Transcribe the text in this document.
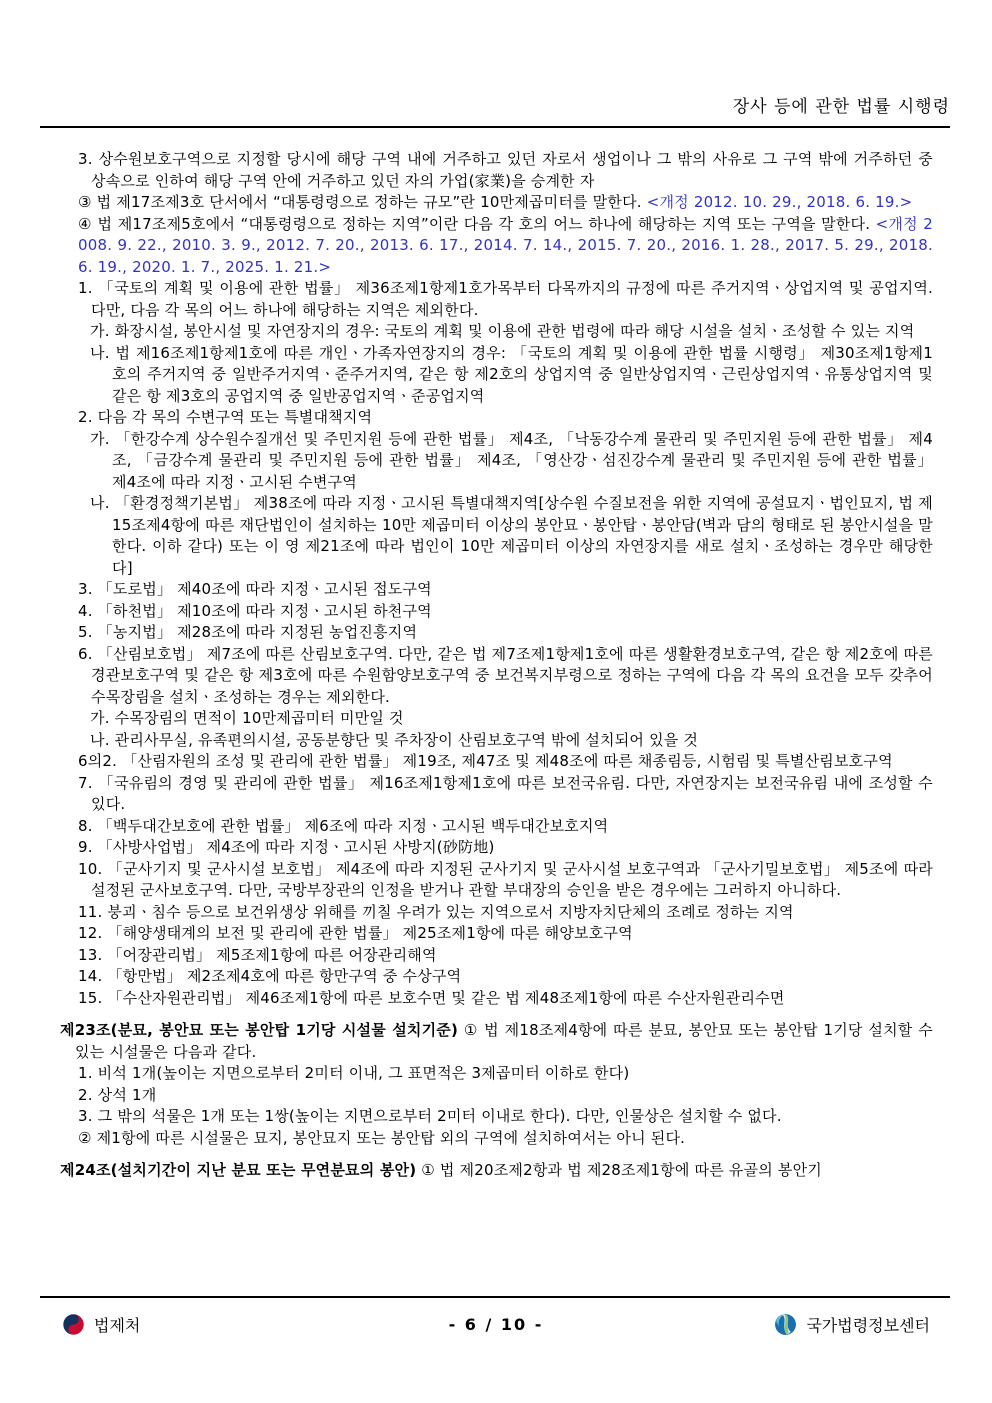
장사 등에 관한 법률 시행령

3. 상수원보호구역으로 지정할 당시에 해당 구역 내에 거주하고 있던 자로서 생업이나 그 밖의 사유로 그 구역 밖에 거주하던 중 상속으로 인하여 해당 구역 안에 거주하고 있던 자의 가업(家業)을 승계한 자

③ 법 제17조제3호 단서에서 “대통령령으로 정하는 규모”란 10만제곱미터를 말한다. <개정 2012. 10. 29., 2018. 6. 19.>

④ 법 제17조제5호에서 “대통령령으로 정하는 지역”이란 다음 각 호의 어느 하나에 해당하는 지역 또는 구역을 말한다. <개정 2008. 9. 22., 2010. 3. 9., 2012. 7. 20., 2013. 6. 17., 2014. 7. 14., 2015. 7. 20., 2016. 1. 28., 2017. 5. 29., 2018. 6. 19., 2020. 1. 7., 2025. 1. 21.>

1. 「국토의 계획 및 이용에 관한 법률」 제36조제1항제1호가목부터 다목까지의 규정에 따른 주거지역ㆍ상업지역 및 공업지역. 다만, 다음 각 목의 어느 하나에 해당하는 지역은 제외한다.

가. 화장시설, 봉안시설 및 자연장지의 경우: 국토의 계획 및 이용에 관한 법령에 따라 해당 시설을 설치ㆍ조성할 수 있는 지역

나. 법 제16조제1항제1호에 따른 개인ㆍ가족자연장지의 경우: 「국토의 계획 및 이용에 관한 법률 시행령」 제30조제1항제1호의 주거지역 중 일반주거지역ㆍ준주거지역, 같은 항 제2호의 상업지역 중 일반상업지역ㆍ근린상업지역ㆍ유통상업지역 및 같은 항 제3호의 공업지역 중 일반공업지역ㆍ준공업지역

2. 다음 각 목의 수변구역 또는 특별대책지역

가. 「한강수계 상수원수질개선 및 주민지원 등에 관한 법률」 제4조, 「낙동강수계 물관리 및 주민지원 등에 관한 법률」 제4조, 「금강수계 물관리 및 주민지원 등에 관한 법률」 제4조, 「영산강ㆍ섬진강수계 물관리 및 주민지원 등에 관한 법률」 제4조에 따라 지정ㆍ고시된 수변구역

나. 「환경정책기본법」 제38조에 따라 지정ㆍ고시된 특별대책지역[상수원 수질보전을 위한 지역에 공설묘지ㆍ법인묘지, 법 제15조제4항에 따른 재단법인이 설치하는 10만 제곱미터 이상의 봉안묘ㆍ봉안탑ㆍ봉안담(벽과 담의 형태로 된 봉안시설을 말한다. 이하 같다) 또는 이 영 제21조에 따라 법인이 10만 제곱미터 이상의 자연장지를 새로 설치ㆍ조성하는 경우만 해당한다]

3. 「도로법」 제40조에 따라 지정ㆍ고시된 접도구역

4. 「하천법」 제10조에 따라 지정ㆍ고시된 하천구역

5. 「농지법」 제28조에 따라 지정된 농업진흥지역

6. 「산림보호법」 제7조에 따른 산림보호구역. 다만, 같은 법 제7조제1항제1호에 따른 생활환경보호구역, 같은 항 제2호에 따른 경관보호구역 및 같은 항 제3호에 따른 수원함양보호구역 중 보건복지부령으로 정하는 구역에 다음 각 목의 요건을 모두 갖추어 수목장림을 설치ㆍ조성하는 경우는 제외한다.

가. 수목장림의 면적이 10만제곱미터 미만일 것

나. 관리사무실, 유족편의시설, 공동분향단 및 주차장이 산림보호구역 밖에 설치되어 있을 것

6의2. 「산림자원의 조성 및 관리에 관한 법률」 제19조, 제47조 및 제48조에 따른 채종림등, 시험림 및 특별산림보호구역

7. 「국유림의 경영 및 관리에 관한 법률」 제16조제1항제1호에 따른 보전국유림. 다만, 자연장지는 보전국유림 내에 조성할 수 있다.

8. 「백두대간보호에 관한 법률」 제6조에 따라 지정ㆍ고시된 백두대간보호지역

9. 「사방사업법」 제4조에 따라 지정ㆍ고시된 사방지(砂防地)

10. 「군사기지 및 군사시설 보호법」 제4조에 따라 지정된 군사기지 및 군사시설 보호구역과 「군사기밀보호법」 제5조에 따라 설정된 군사보호구역. 다만, 국방부장관의 인정을 받거나 관할 부대장의 승인을 받은 경우에는 그러하지 아니하다.

11. 붕괴ㆍ침수 등으로 보건위생상 위해를 끼칠 우려가 있는 지역으로서 지방자치단체의 조례로 정하는 지역

12. 「해양생태계의 보전 및 관리에 관한 법률」 제25조제1항에 따른 해양보호구역

13. 「어장관리법」 제5조제1항에 따른 어장관리해역

14. 「항만법」 제2조제4호에 따른 항만구역 중 수상구역

15. 「수산자원관리법」 제46조제1항에 따른 보호수면 및 같은 법 제48조제1항에 따른 수산자원관리수면

제23조(분묘, 봉안묘 또는 봉안탑 1기당 시설물 설치기준) ① 법 제18조제4항에 따른 분묘, 봉안묘 또는 봉안탑 1기당 설치할 수 있는 시설물은 다음과 같다.

1. 비석 1개(높이는 지면으로부터 2미터 이내, 그 표면적은 3제곱미터 이하로 한다)

2. 상석 1개

3. 그 밖의 석물은 1개 또는 1쌍(높이는 지면으로부터 2미터 이내로 한다). 다만, 인물상은 설치할 수 없다.

② 제1항에 따른 시설물은 묘지, 봉안묘지 또는 봉안탑 외의 구역에 설치하여서는 아니 된다.

제24조(설치기간이 지난 분묘 또는 무연분묘의 봉안) ① 법 제20조제2항과 법 제28조제1항에 따른 유골의 봉안기

법제처	- 6 / 10 -	국가법령정보센터
